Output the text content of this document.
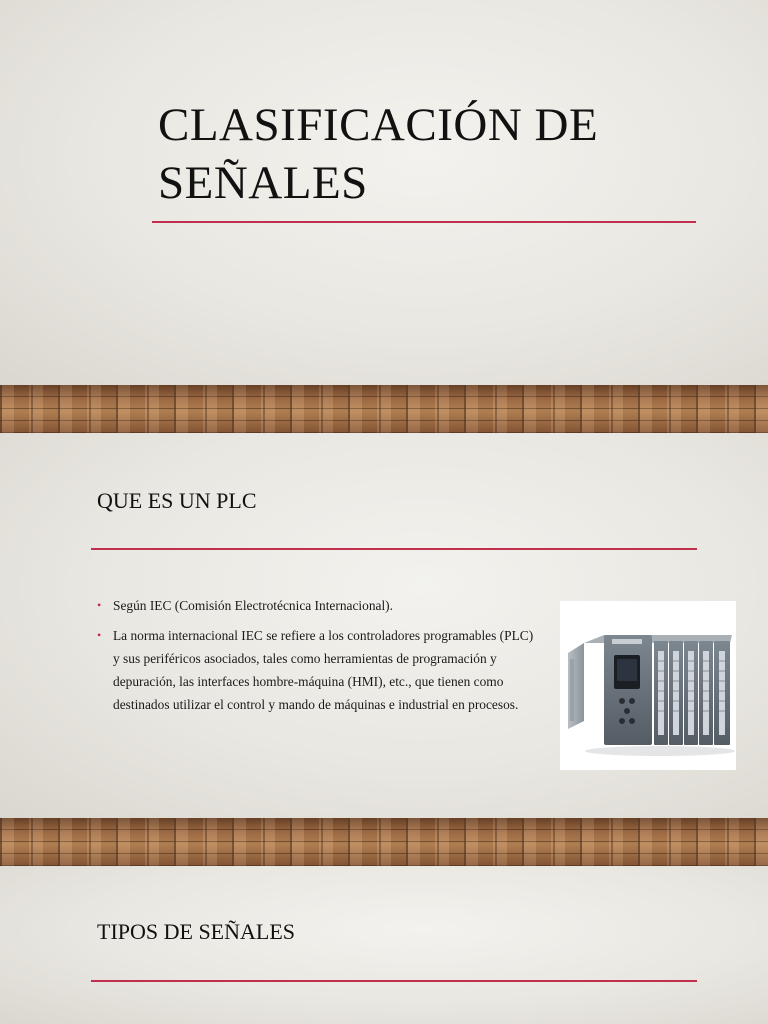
CLASIFICACIÓN DE SEÑALES
QUE ES UN PLC
• Según IEC (Comisión Electrotécnica Internacional).
• La norma internacional IEC se refiere a los controladores programables (PLC) y sus periféricos asociados, tales como herramientas de programación y depuración, las interfaces hombre-máquina (HMI), etc., que tienen como destinados utilizar el control y mando de máquinas e industrial en procesos.
TIPOS DE SEÑALES
